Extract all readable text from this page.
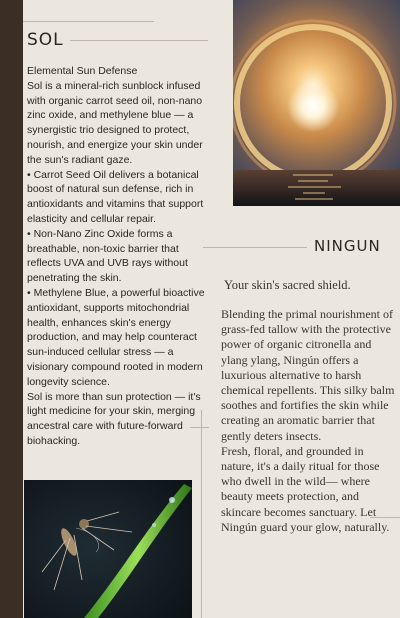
SOL

Elemental Sun Defense

Sol is a mineral-rich sunblock infused with organic carrot seed oil, non-nano zinc oxide, and methylene blue — a synergistic trio designed to protect, nourish, and energize your skin under the sun's radiant gaze.

• Carrot Seed Oil delivers a botanical boost of natural sun defense, rich in antioxidants and vitamins that support elasticity and cellular repair.

• Non-Nano Zinc Oxide forms a breathable, non-toxic barrier that reflects UVA and UVB rays without penetrating the skin.

• Methylene Blue, a powerful bioactive antioxidant, supports mitochondrial health, enhances skin's energy production, and may help counteract sun-induced cellular stress — a visionary compound rooted in modern longevity science.

Sol is more than sun protection — it's light medicine for your skin, merging ancestral care with future-forward biohacking.

NINGUN

Your skin's sacred shield.

Blending the primal nourishment of grass-fed tallow with the protective power of organic citronella and ylang ylang, Ningún offers a luxurious alternative to harsh chemical repellents. This silky balm soothes and fortifies the skin while creating an aromatic barrier that gently deters insects.

Fresh, floral, and grounded in nature, it's a daily ritual for those who dwell in the wild— where beauty meets protection, and skincare becomes sanctuary. Let Ningún guard your glow, naturally.
